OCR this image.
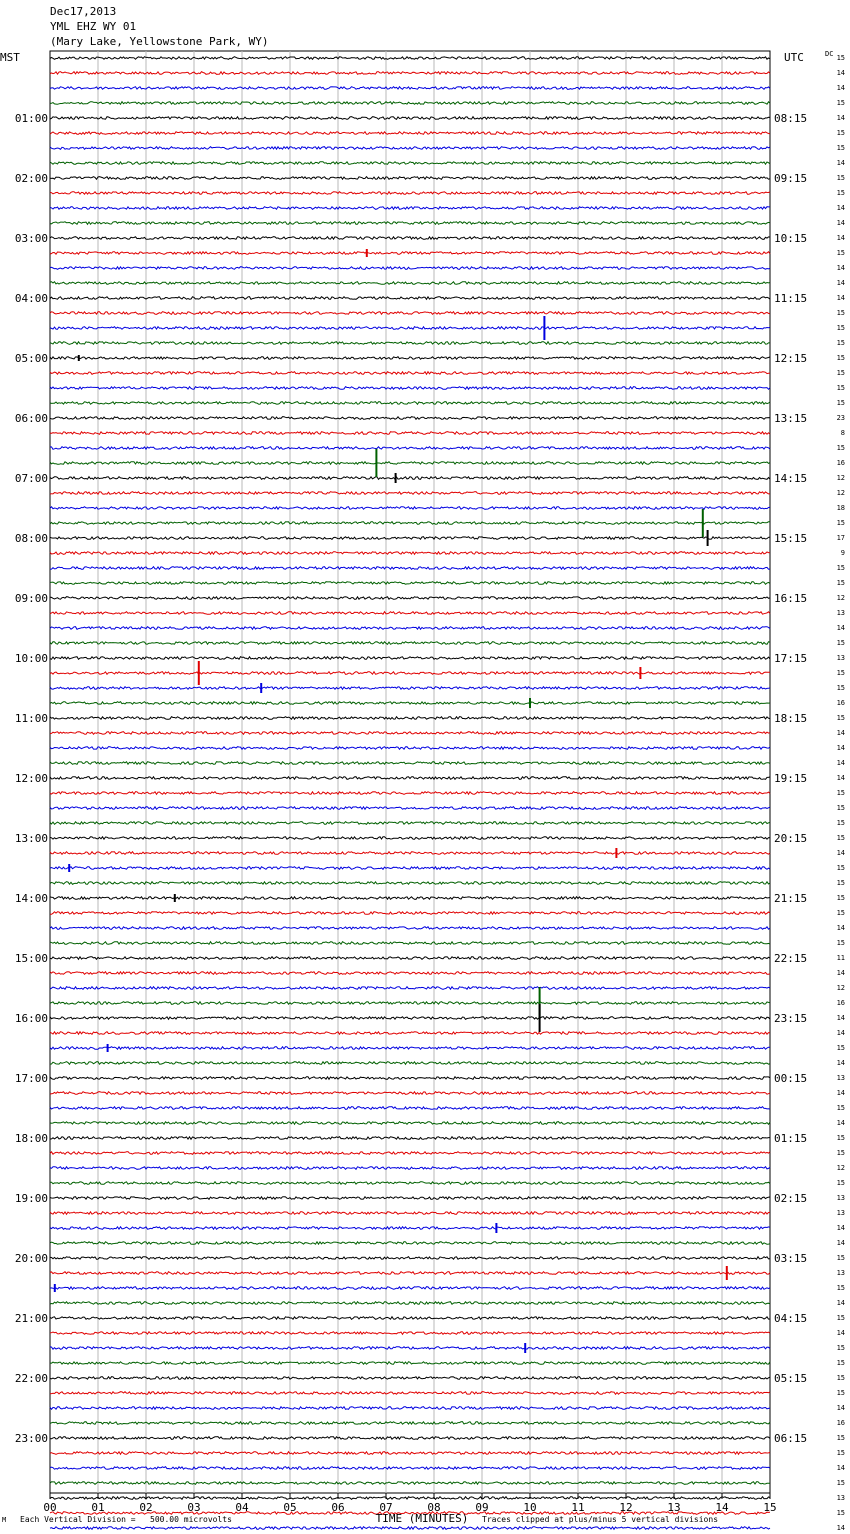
Dec17,2013
YML EHZ WY 01
(Mary Lake, Yellowstone Park, WY)
15
14
14
15
14
15
15
14
15
15
14
14
14
15
14
14
14
15
15
15
15
15
15
15
23
8
15
16
12
12
18
15
17
9
15
15
12
13
14
15
13
15
15
16
15
14
14
14
14
15
15
15
15
14
15
15
15
15
14
15
11
14
12
16
14
14
15
14
13
14
15
14
15
15
12
15
13
13
14
14
15
13
15
14
15
14
15
15
15
15
14
16
15
15
14
15
13
15
14
01:00
02:00
03:00
04:00
05:00
06:00
07:00
08:00
09:00
10:00
11:00
12:00
13:00
14:00
15:00
16:00
17:00
18:00
19:00
20:00
21:00
22:00
23:00
08:15
09:15
10:15
11:15
12:15
13:15
14:15
15:15
16:15
17:15
18:15
19:15
20:15
21:15
22:15
23:15
00:15
01:15
02:15
03:15
04:15
05:15
06:15
00	01	02	03	04	05	06	07	08	09	10	11	12	13	14	15
MST	UTC	DC
TIME (MINUTES)
M Each Vertical Division =   500.00 microvolts	Traces clipped at plus/minus 5 vertical divisions
